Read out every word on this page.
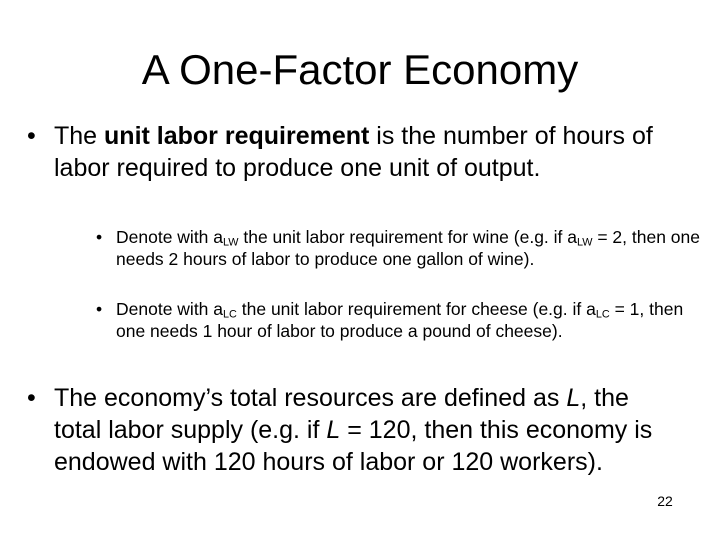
A One-Factor Economy
• The unit labor requirement is the number of hours of labor required to produce one unit of output.
• Denote with $a_{LW}$ the unit labor requirement for wine (e.g. if $a_{LW} = 2$, then one needs 2 hours of labor to produce one gallon of wine).
• Denote with $a_{LC}$ the unit labor requirement for cheese (e.g. if $a_{LC} = 1$, then one needs 1 hour of labor to produce a pound of cheese).
• The economy’s total resources are defined as L, the total labor supply (e.g. if L = 120, then this economy is endowed with 120 hours of labor or 120 workers).
22
